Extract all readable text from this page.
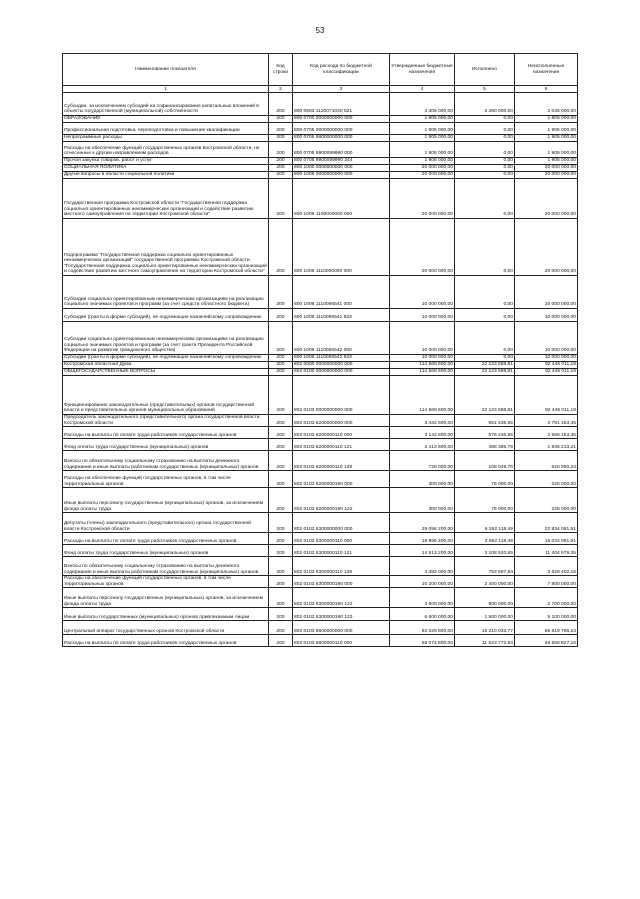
53
Наименование показателя	Код строки	Код расхода по бюджетной классификации	Утвержденные бюджетные назначения	Исполнено	Неисполненные назначения
1	2	3	4	5	6
Субсидии, за исключением субсидий на софинансирование капитальных вложений в объекты государственной (муниципальной) собственности	200	800 0503 1120071040 521	4 305 000,00	2 260 000,00	2 045 000,00
ОБРАЗОВАНИЕ	200	800 0700 0000000000 000	1 905 000,00	0,00	1 905 000,00
Профессиональная подготовка, переподготовка и повышение квалификации	200	800 0705 0000000000 000	1 905 000,00	0,00	1 905 000,00
Непрограммные расходы	200	800 0705 9900000000 000	1 905 000,00	0,00	1 905 000,00
Расходы на обеспечение функций государственных органов Костромской области, не отнесенные к другим направлениям расходов	200	800 0705 9900099990 000	1 905 000,00	0,00	1 905 000,00
Прочая закупка товаров, работ и услуг	200	800 0705 9900099990 244	1 905 000,00	0,00	1 905 000,00
СОЦИАЛЬНАЯ ПОЛИТИКА	200	800 1000 0000000000 000	20 000 000,00	0,00	20 000 000,00
Другие вопросы в области социальной политики	200	800 1006 0000000000 000	20 000 000,00	0,00	20 000 000,00
Государственная программа Костромской области "Государственная поддержка социально ориентированных некоммерческих организаций и содействие развитию местного самоуправления на территории Костромской области"	200	800 1006 1100000000 000	20 000 000,00	0,00	20 000 000,00
Подпрограмма "Государственная поддержка социально ориентированных некоммерческих организаций" государственной программы Костромской области "Государственная поддержка социально ориентированных некоммерческих организаций и содействие развитию местного самоуправления на территории Костромской области"	200	800 1006 1110000000 000	20 000 000,00	0,00	20 000 000,00
Субсидии социально ориентированным некоммерческим организациям на реализацию социально значимых проектов и программ (за счет средств областного бюджета)	200	800 1006 1110066541 000	10 000 000,00	0,00	10 000 000,00
Субсидии (гранты в форме субсидий), не подлежащие казначейскому сопровождению	200	800 1006 1110066541 633	10 000 000,00	0,00	10 000 000,00
Субсидии социально ориентированным некоммерческим организациям на реализацию социально значимых проектов и программ (за счет гранта Президента Российской Федерации на развитие гражданского общества)	200	800 1006 1110066542 000	10 000 000,00	0,00	10 000 000,00
Субсидии (гранты в форме субсидий), не подлежащие казначейскому сопровождению	200	800 1006 1110066542 633	10 000 000,00	0,00	10 000 000,00
Костромская областная Дума	200	802 0000 0000000000 000	114 568 600,00	22 123 588,81	92 445 011,19
ОБЩЕГОСУДАРСТВЕННЫЕ ВОПРОСЫ	200	802 0100 0000000000 000	114 568 600,00	22 123 588,81	92 445 011,19
Функционирование законодательных (представительных) органов государственной власти и представительных органов муниципальных образований	200	802 0103 0000000000 000	114 568 600,00	22 123 588,81	92 445 011,19
Председатель законодательного (представительного) органа государственной власти Костромской области	200	802 0103 6200000000 000	3 442 600,00	651 436,55	2 791 163,45
Расходы на выплаты по оплате труда работников государственных органов	200	802 0103 6200000110 000	3 142 600,00	576 436,55	2 566 163,45
Фонд оплаты труда государственных (муниципальных) органов	200	802 0103 6200000110 121	2 413 600,00	468 386,79	1 945 213,21
Взносы по обязательному социальному страхованию на выплаты денежного содержания и иные выплаты работникам государственных (муниципальных) органов	200	802 0103 6200000110 129	729 000,00	108 049,76	620 950,24
Расходы на обеспечение функций государственных органов, в том числе территориальных органов	200	802 0103 6200000190 000	300 000,00	75 000,00	225 000,00
Иные выплаты персоналу государственных (муниципальных) органов, за исключением фонда оплаты труда	200	802 0103 6200000190 122	300 000,00	75 000,00	225 000,00
Депутаты (члены) законодательного (представительного) органа государственной власти Костромской области	200	802 0103 6300000000 000	29 096 200,00	6 262 118,49	22 834 081,51
Расходы на выплаты по оплате труда работников государственных органов	200	802 0103 6300000110 000	18 896 200,00	3 862 118,49	15 034 081,51
Фонд оплаты труда государственных (муниципальных) органов	200	802 0103 6300000110 121	14 513 200,00	3 108 520,65	11 404 679,35
Взносы по обязательному социальному страхованию на выплаты денежного содержания и иные выплаты работникам государственных (муниципальных) органов	200	802 0103 6300000110 129	4 383 000,00	753 597,84	3 629 402,16
Расходы на обеспечение функций государственных органов, в том числе территориальных органов	200	802 0103 6300000190 000	10 200 000,00	2 400 000,00	7 800 000,00
Иные выплаты персоналу государственных (муниципальных) органов, за исключением фонда оплаты труда	200	802 0103 6300000190 122	3 600 000,00	900 000,00	2 700 000,00
Иные выплаты государственных (муниципальных) органов привлекаемым лицам	200	802 0103 6300000190 123	6 600 000,00	1 500 000,00	5 100 000,00
Центральный аппарат государственных органов Костромской области	200	802 0103 6600000000 000	82 029 800,00	15 210 033,77	66 819 766,23
Расходы на выплаты по оплате труда работников государственных органов	200	802 0103 6600000110 000	58 074 600,00	11 523 772,84	46 550 827,16
